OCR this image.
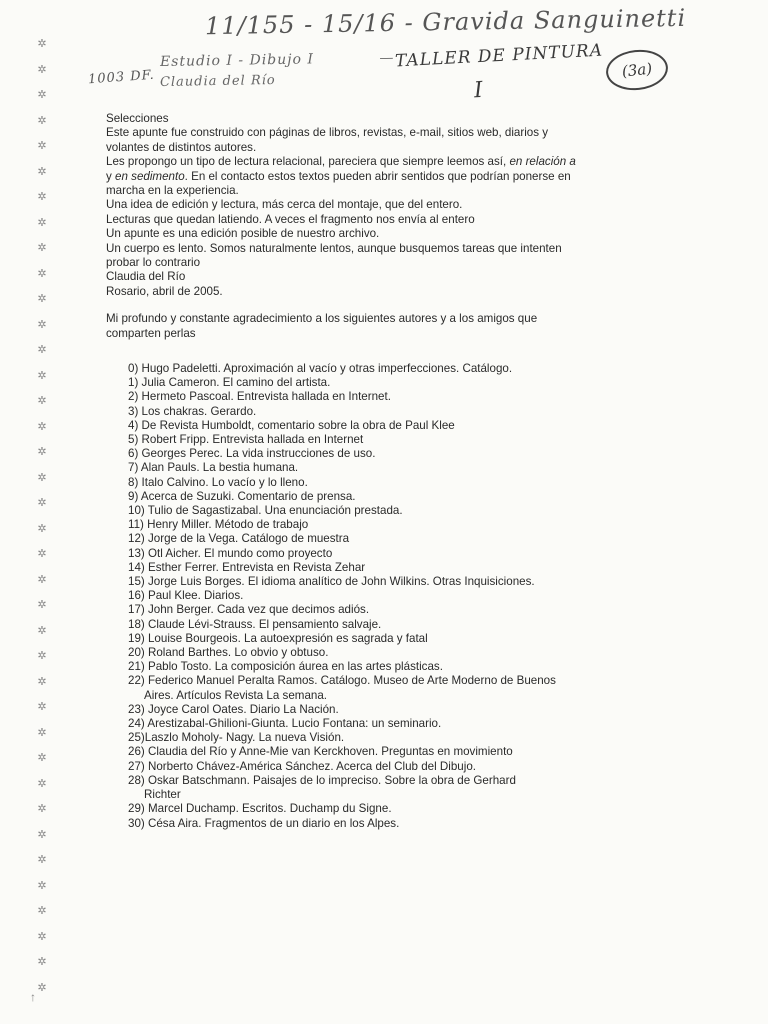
11/155 - 15/16 - Gravida Sanguinetti
Estudio I - Dibujo I	— TALLER DE PINTURA
I
1003 DF. Claudia del Río
(3a)
✲
✲
✲
✲
✲
✲
✲
✲
✲
✲
✲
✲
✲
✲
✲
✲
✲
✲
✲
✲
✲
✲
✲
✲
✲
✲
✲
✲
✲
✲
✲
✲
✲
✲
✲
✲
✲
✲

Selecciones

Este apunte fue construido con páginas de libros, revistas, e-mail, sitios web, diarios y

volantes de distintos autores.

Les propongo un tipo de lectura relacional, pareciera que siempre leemos así, en relación a

y en sedimento. En el contacto estos textos pueden abrir sentidos que podrían ponerse en

marcha en la experiencia.

Una idea de edición y lectura, más cerca del montaje, que del entero.

Lecturas que quedan latiendo. A veces el fragmento nos envía al entero

Un apunte es una edición posible de nuestro archivo.

Un cuerpo es lento. Somos naturalmente lentos, aunque busquemos tareas que intenten

probar lo contrario

Claudia del Río

Rosario, abril de 2005.

Mi profundo y constante agradecimiento a los siguientes autores y a los amigos que

comparten perlas

0) Hugo Padeletti. Aproximación al vacío y otras imperfecciones. Catálogo.
1) Julia Cameron. El camino del artista.
2) Hermeto Pascoal. Entrevista hallada en Internet.
3) Los chakras. Gerardo.
4) De Revista Humboldt, comentario sobre la obra de Paul Klee
5) Robert Fripp. Entrevista hallada en Internet
6) Georges Perec. La vida instrucciones de uso.
7) Alan Pauls. La bestia humana.
8) Italo Calvino. Lo vacío y lo lleno.
9) Acerca de Suzuki. Comentario de prensa.
10) Tulio de Sagastizabal. Una enunciación prestada.
11) Henry Miller. Método de trabajo
12) Jorge de la Vega. Catálogo de muestra
13) Otl Aicher. El mundo como proyecto
14) Esther Ferrer. Entrevista en Revista Zehar
15) Jorge Luis Borges. El idioma analítico de John Wilkins. Otras Inquisiciones.
16) Paul Klee. Diarios.
17) John Berger. Cada vez que decimos adiós.
18) Claude Lévi-Strauss. El pensamiento salvaje.
19) Louise Bourgeois. La autoexpresión es sagrada y fatal
20) Roland Barthes. Lo obvio y obtuso.
21) Pablo Tosto. La composición áurea en las artes plásticas.
22) Federico Manuel Peralta Ramos. Catálogo. Museo de Arte Moderno de Buenos
Aires. Artículos Revista La semana.
23) Joyce Carol Oates. Diario La Nación.
24) Arestizabal-Ghilioni-Giunta. Lucio Fontana: un seminario.
25)Laszlo Moholy- Nagy. La nueva Visión.
26) Claudia del Río y Anne-Mie van Kerckhoven. Preguntas en movimiento
27) Norberto Chávez-América Sánchez. Acerca del Club del Dibujo.
28) Oskar Batschmann. Paisajes de lo impreciso. Sobre la obra de Gerhard
Richter
29) Marcel Duchamp. Escritos. Duchamp du Signe.
30) Césa Aira. Fragmentos de un diario en los Alpes.
↑
